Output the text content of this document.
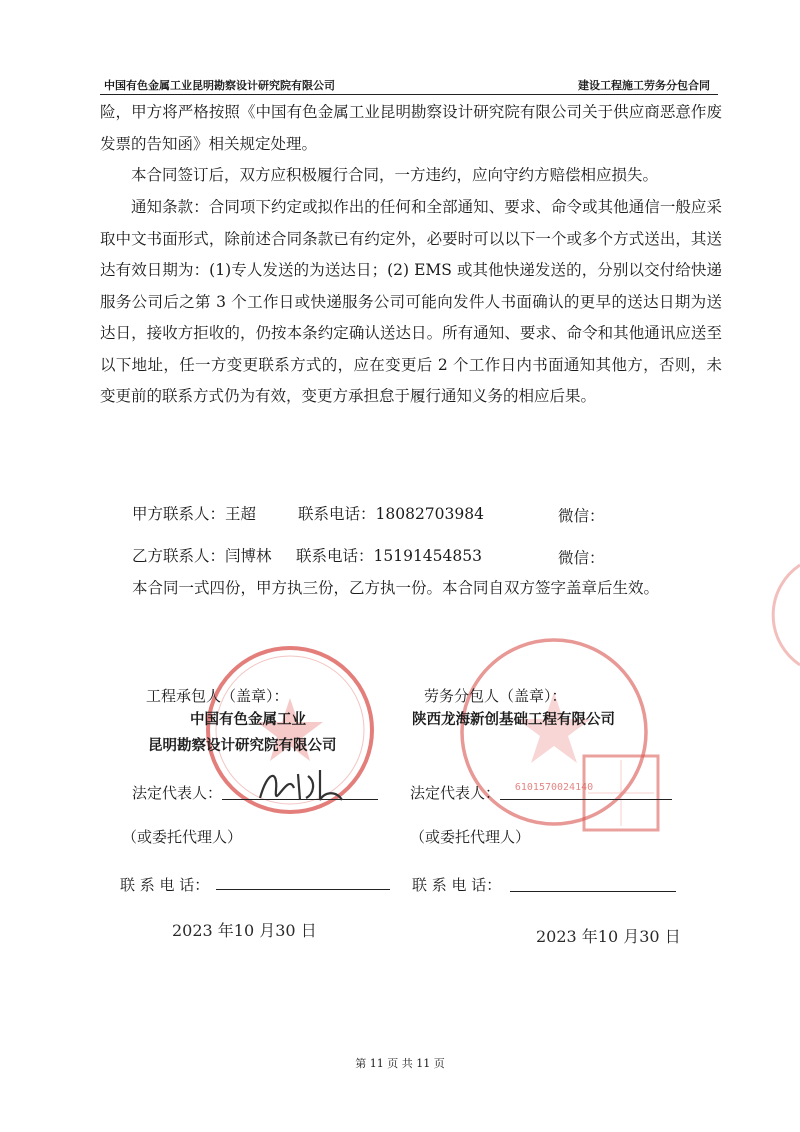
中国有色金属工业昆明勘察设计研究院有限公司	建设工程施工劳务分包合同
险，甲方将严格按照《中国有色金属工业昆明勘察设计研究院有限公司关于供应商恶意作废发票的告知函》相关规定处理。
本合同签订后，双方应积极履行合同，一方违约，应向守约方赔偿相应损失。
通知条款：合同项下约定或拟作出的任何和全部通知、要求、命令或其他通信一般应采取中文书面形式，除前述合同条款已有约定外，必要时可以以下一个或多个方式送出，其送达有效日期为：(1)专人发送的为送达日；(2) EMS 或其他快递发送的，分别以交付给快递服务公司后之第 3 个工作日或快递服务公司可能向发件人书面确认的更早的送达日期为送达日，接收方拒收的，仍按本条约定确认送达日。所有通知、要求、命令和其他通讯应送至以下地址，任一方变更联系方式的，应在变更后 2 个工作日内书面通知其他方，否则，未变更前的联系方式仍为有效，变更方承担怠于履行通知义务的相应后果。
甲方联系人：王超	联系电话：18082703984	微信：
乙方联系人：闫博林 联系电话：15191454853	微信：
本合同一式四份，甲方执三份，乙方执一份。本合同自双方签字盖章后生效。
6101570024140
工程承包人（盖章）：
中国有色金属工业
昆明勘察设计研究院有限公司
劳务分包人（盖章）：
陕西龙海新创基础工程有限公司
法定代表人：	法定代表人：
（或委托代理人）	（或委托代理人）
联 系 电 话：	联 系 电 话：
2023 年10 月30 日	2023 年10 月30 日
第 11 页 共 11 页
